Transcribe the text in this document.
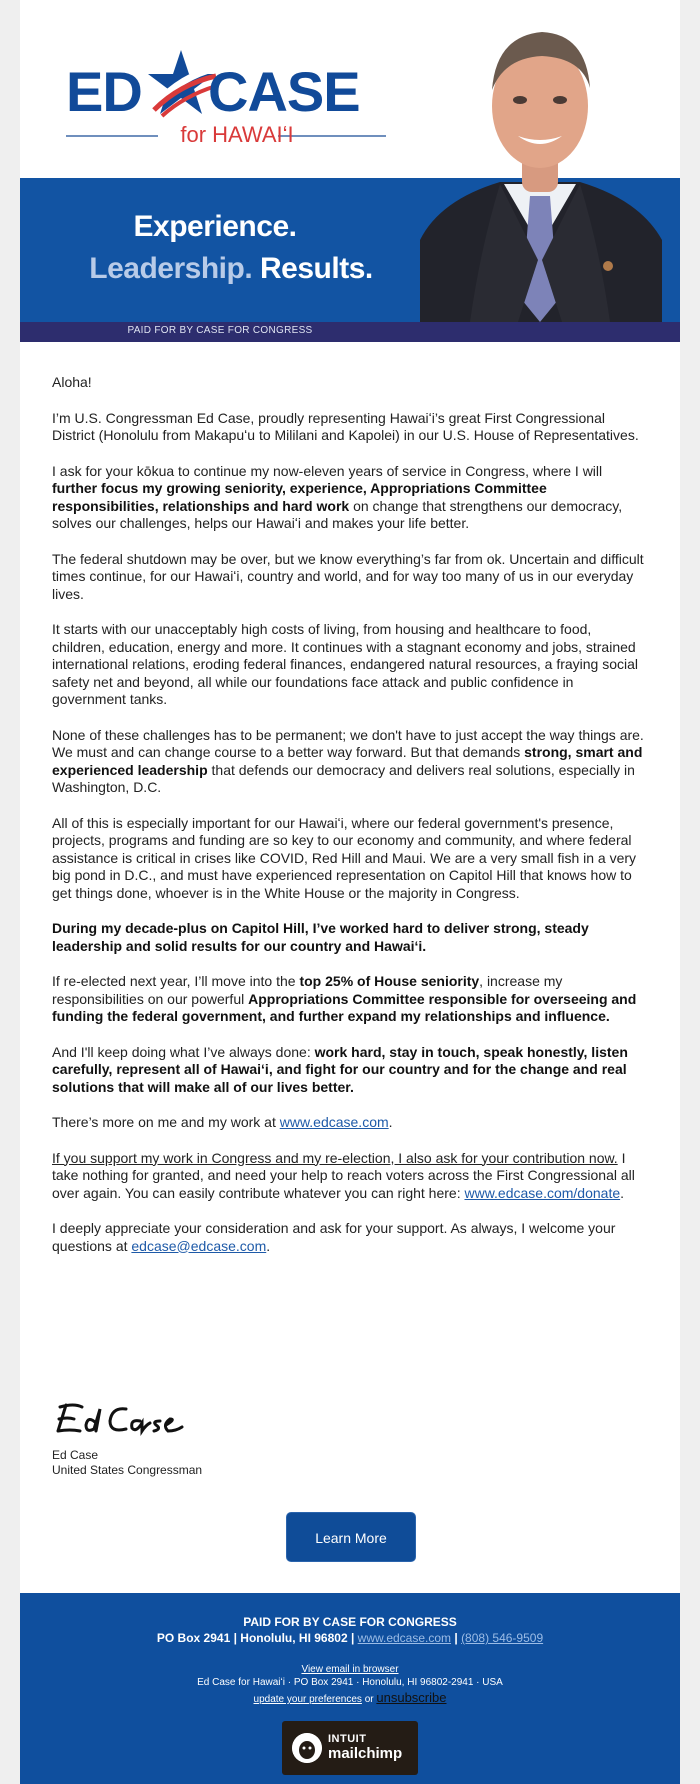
ED CASE
for HAWAIʻI
Experience.
Leadership. Results.
PAID FOR BY CASE FOR CONGRESS

Aloha!

I’m U.S. Congressman Ed Case, proudly representing Hawaiʻi’s great First Congressional District (Honolulu from Makapuʻu to Mililani and Kapolei) in our U.S. House of Representatives.

I ask for your kōkua to continue my now-eleven years of service in Congress, where I will further focus my growing seniority, experience, Appropriations Committee responsibilities, relationships and hard work on change that strengthens our democracy, solves our challenges, helps our Hawaiʻi and makes your life better.

The federal shutdown may be over, but we know everything’s far from ok. Uncertain and difficult times continue, for our Hawaiʻi, country and world, and for way too many of us in our everyday lives.

It starts with our unacceptably high costs of living, from housing and healthcare to food, children, education, energy and more. It continues with a stagnant economy and jobs, strained international relations, eroding federal finances, endangered natural resources, a fraying social safety net and beyond, all while our foundations face attack and public confidence in government tanks.

None of these challenges has to be permanent; we don't have to just accept the way things are. We must and can change course to a better way forward. But that demands strong, smart and experienced leadership that defends our democracy and delivers real solutions, especially in Washington, D.C.

All of this is especially important for our Hawaiʻi, where our federal government's presence, projects, programs and funding are so key to our economy and community, and where federal assistance is critical in crises like COVID, Red Hill and Maui. We are a very small fish in a very big pond in D.C., and must have experienced representation on Capitol Hill that knows how to get things done, whoever is in the White House or the majority in Congress.

During my decade-plus on Capitol Hill, I’ve worked hard to deliver strong, steady leadership and solid results for our country and Hawaiʻi.

If re-elected next year, I’ll move into the top 25% of House seniority, increase my responsibilities on our powerful Appropriations Committee responsible for overseeing and funding the federal government, and further expand my relationships and influence.

And I'll keep doing what I’ve always done: work hard, stay in touch, speak honestly, listen carefully, represent all of Hawaiʻi, and fight for our country and for the change and real solutions that will make all of our lives better.

There’s more on me and my work at www.edcase.com.

If you support my work in Congress and my re-election, I also ask for your contribution now. I take nothing for granted, and need your help to reach voters across the First Congressional all over again. You can easily contribute whatever you can right here: www.edcase.com/donate.

I deeply appreciate your consideration and ask for your support. As always, I welcome your questions at edcase@edcase.com.

Ed Case
United States Congressman
Learn More
PAID FOR BY CASE FOR CONGRESS
PO Box 2941 | Honolulu, HI 96802 | www.edcase.com | (808) 546-9509
View email in browser
Ed Case for Hawaiʻi · PO Box 2941 · Honolulu, HI 96802-2941 · USA
update your preferences or unsubscribe
INTUIT
mailchimp
